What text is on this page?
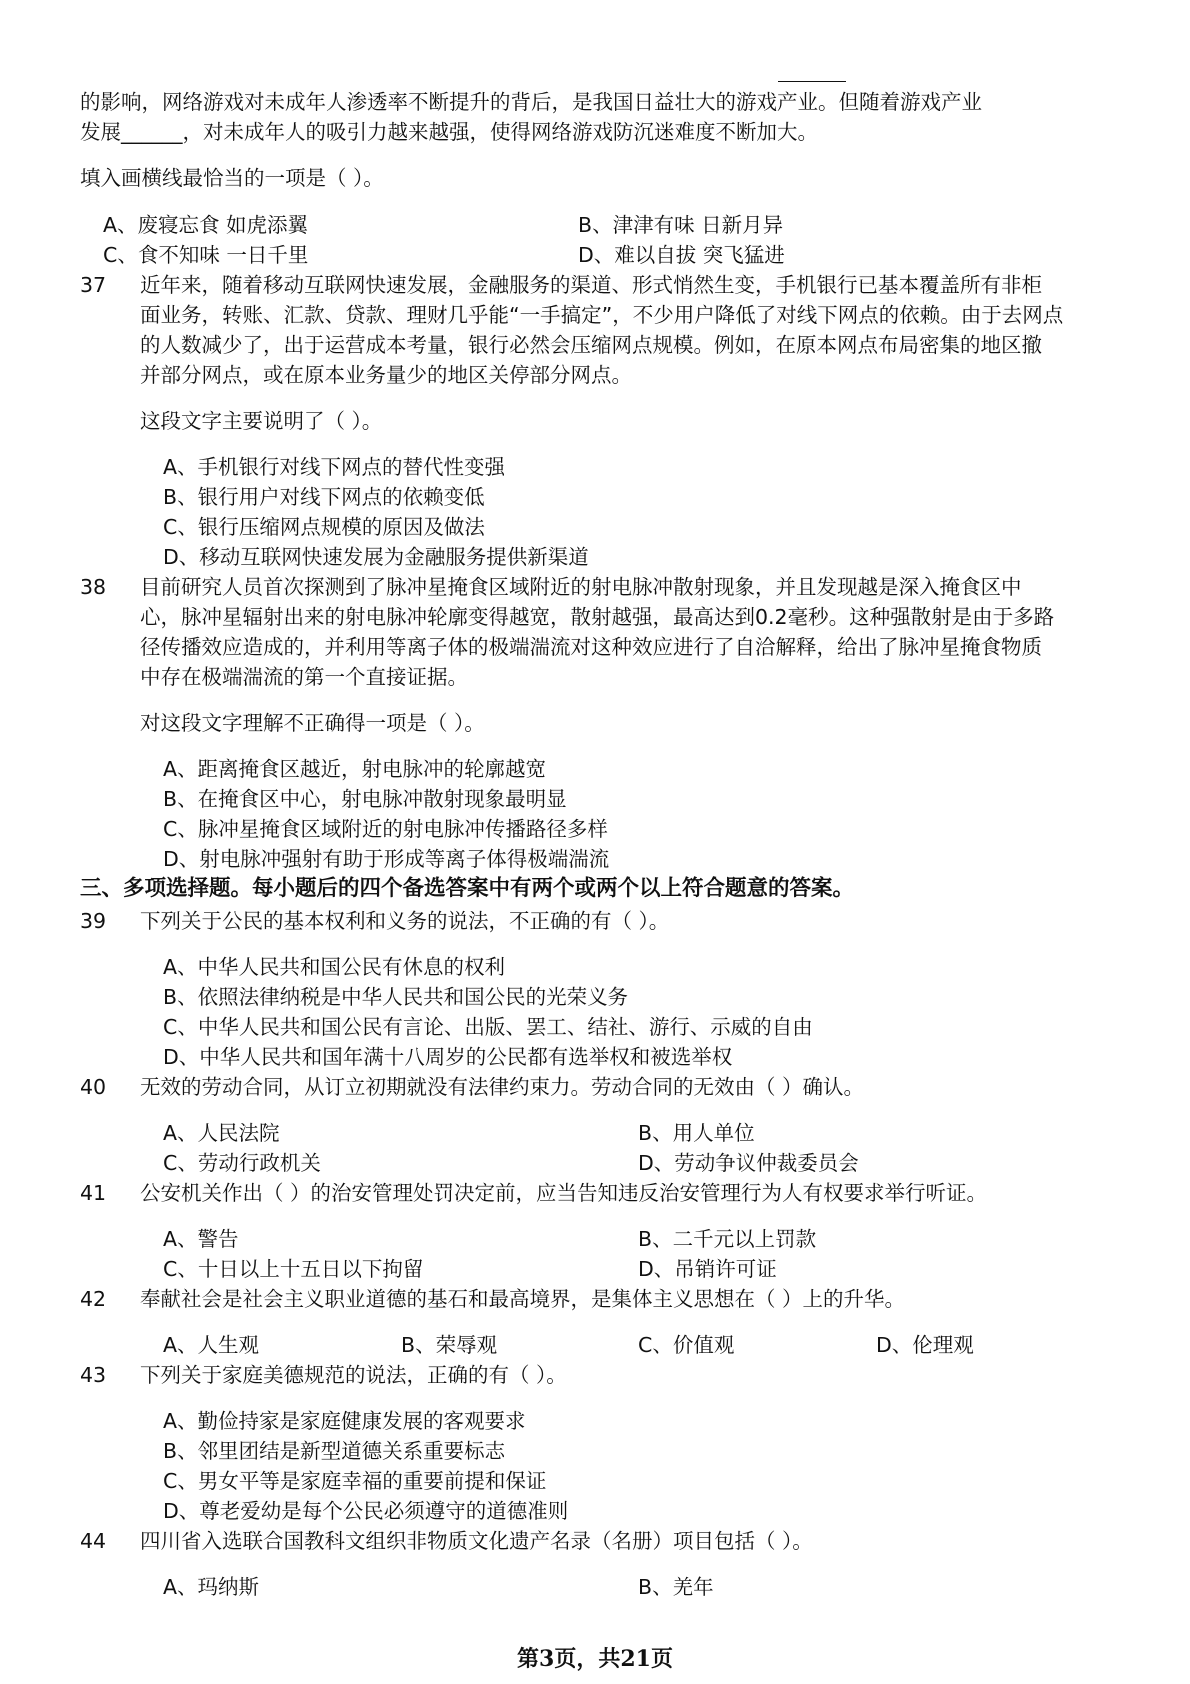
的影响，网络游戏对未成年人渗透率不断提升的背后，是我国日益壮大的游戏产业。但随着游戏产业
发展______，对未成年人的吸引力越来越强，使得网络游戏防沉迷难度不断加大。
填入画横线最恰当的一项是（ ）。
A、废寝忘食 如虎添翼	B、津津有味 日新月异
C、食不知味 一日千里	D、难以自拔 突飞猛进
37 近年来，随着移动互联网快速发展，金融服务的渠道、形式悄然生变，手机银行已基本覆盖所有非柜
面业务，转账、汇款、贷款、理财几乎能“一手搞定”，不少用户降低了对线下网点的依赖。由于去网点
的人数减少了，出于运营成本考量，银行必然会压缩网点规模。例如，在原本网点布局密集的地区撤
并部分网点，或在原本业务量少的地区关停部分网点。
这段文字主要说明了（ ）。
A、手机银行对线下网点的替代性变强
B、银行用户对线下网点的依赖变低
C、银行压缩网点规模的原因及做法
D、移动互联网快速发展为金融服务提供新渠道
38 目前研究人员首次探测到了脉冲星掩食区域附近的射电脉冲散射现象，并且发现越是深入掩食区中
心，脉冲星辐射出来的射电脉冲轮廓变得越宽，散射越强，最高达到0.2毫秒。这种强散射是由于多路
径传播效应造成的，并利用等离子体的极端湍流对这种效应进行了自洽解释，给出了脉冲星掩食物质
中存在极端湍流的第一个直接证据。
对这段文字理解不正确得一项是（ ）。
A、距离掩食区越近，射电脉冲的轮廓越宽
B、在掩食区中心，射电脉冲散射现象最明显
C、脉冲星掩食区域附近的射电脉冲传播路径多样
D、射电脉冲强射有助于形成等离子体得极端湍流
三、多项选择题。每小题后的四个备选答案中有两个或两个以上符合题意的答案。
39 下列关于公民的基本权利和义务的说法，不正确的有（ ）。
A、中华人民共和国公民有休息的权利
B、依照法律纳税是中华人民共和国公民的光荣义务
C、中华人民共和国公民有言论、出版、罢工、结社、游行、示威的自由
D、中华人民共和国年满十八周岁的公民都有选举权和被选举权
40 无效的劳动合同，从订立初期就没有法律约束力。劳动合同的无效由（ ）确认。
A、人民法院	B、用人单位
C、劳动行政机关	D、劳动争议仲裁委员会
41 公安机关作出（ ）的治安管理处罚决定前，应当告知违反治安管理行为人有权要求举行听证。
A、警告	B、二千元以上罚款
C、十日以上十五日以下拘留	D、吊销许可证
42 奉献社会是社会主义职业道德的基石和最高境界，是集体主义思想在（ ）上的升华。
A、人生观	B、荣辱观	C、价值观	D、伦理观
43 下列关于家庭美德规范的说法，正确的有（ ）。
A、勤俭持家是家庭健康发展的客观要求
B、邻里团结是新型道德关系重要标志
C、男女平等是家庭幸福的重要前提和保证
D、尊老爱幼是每个公民必须遵守的道德准则
44 四川省入选联合国教科文组织非物质文化遗产名录（名册）项目包括（ ）。
A、玛纳斯	B、羌年
第3页，共21页
